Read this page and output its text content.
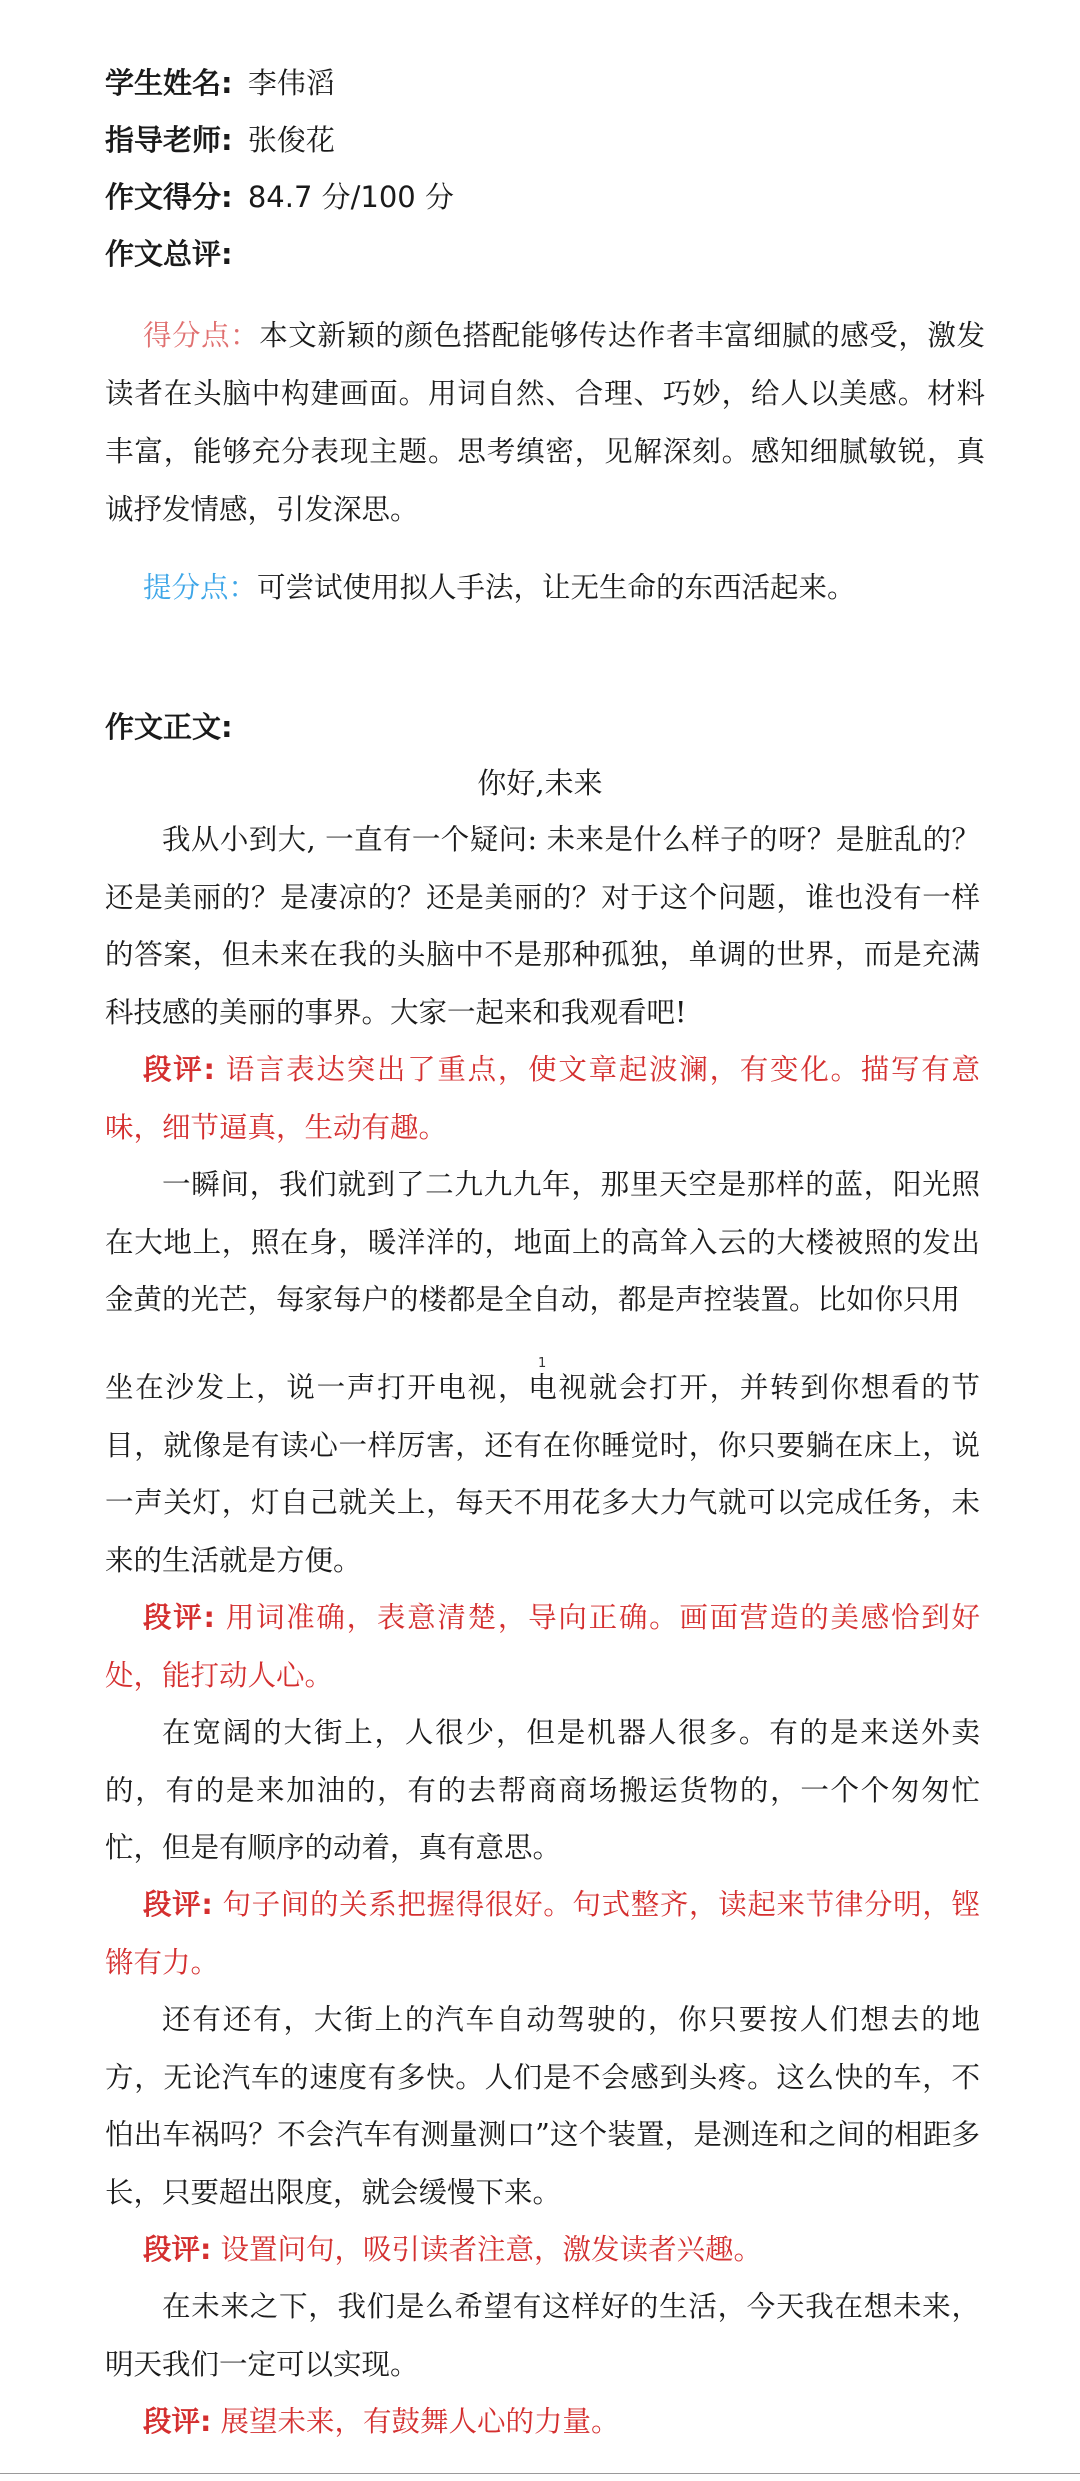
学生姓名: 李伟滔
指导老师: 张俊花
作文得分: 84.7 分/100 分
作文总评:
得分点：本文新颖的颜色搭配能够传达作者丰富细腻的感受，激发读者在头脑中构建画面。用词自然、合理、巧妙，给人以美感。材料丰富，能够充分表现主题。思考缜密，见解深刻。感知细腻敏锐，真诚抒发情感，引发深思。
提分点：可尝试使用拟人手法，让无生命的东西活起来。
作文正文:
你好,未来
我从小到大, 一直有一个疑问: 未来是什么样子的呀？是脏乱的？还是美丽的？是凄凉的？还是美丽的？对于这个问题，谁也没有一样的答案，但未来在我的头脑中不是那种孤独，单调的世界，而是充满科技感的美丽的事界。大家一起来和我观看吧!
段评: 语言表达突出了重点，使文章起波澜，有变化。描写有意味，细节逼真，生动有趣。
一瞬间，我们就到了二九九九年，那里天空是那样的蓝，阳光照在大地上，照在身，暖洋洋的，地面上的高耸入云的大楼被照的发出金黄的光芒，每家每户的楼都是全自动，都是声控装置。比如你只用
1
坐在沙发上，说一声打开电视，电视就会打开，并转到你想看的节目，就像是有读心一样厉害，还有在你睡觉时，你只要躺在床上，说一声关灯，灯自己就关上，每天不用花多大力气就可以完成任务，未来的生活就是方便。
段评: 用词准确，表意清楚，导向正确。画面营造的美感恰到好处，能打动人心。
在宽阔的大街上，人很少，但是机器人很多。有的是来送外卖的，有的是来加油的，有的去帮商商场搬运货物的，一个个匆匆忙忙，但是有顺序的动着，真有意思。
段评: 句子间的关系把握得很好。句式整齐，读起来节律分明，铿锵有力。
还有还有，大街上的汽车自动驾驶的，你只要按人们想去的地方，无论汽车的速度有多快。人们是不会感到头疼。这么快的车，不怕出车祸吗？不会汽车有测量测口”这个装置，是测连和之间的相距多长，只要超出限度，就会缓慢下来。
段评: 设置问句，吸引读者注意，激发读者兴趣。
在未来之下，我们是么希望有这样好的生活，今天我在想未来，明天我们一定可以实现。
段评: 展望未来，有鼓舞人心的力量。
